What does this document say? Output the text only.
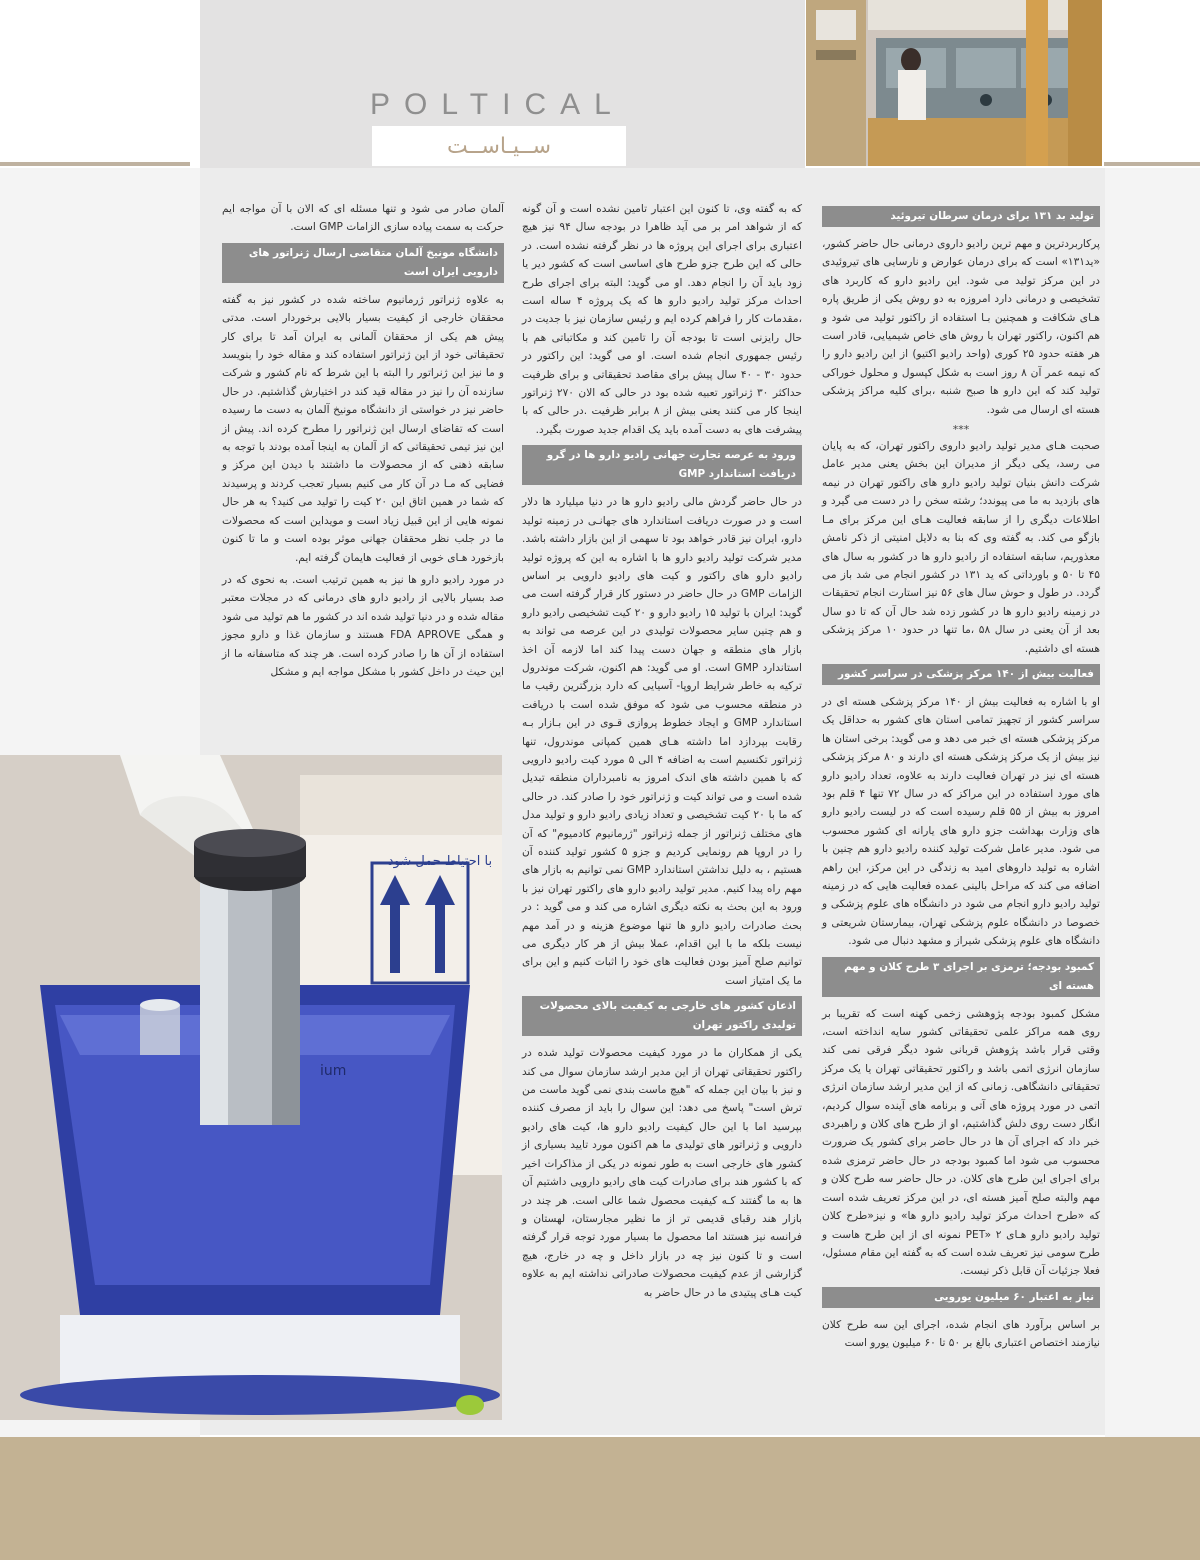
POLTICAL
ســیـاســت
تولید بد ۱۳۱ برای درمان سرطان تیروئید

پرکاربردترین و مهم ترین رادیو داروی درمانی حال حاضر کشور، «ید۱۳۱» است که برای درمان عوارض و نارسایی های تیروئیدی در این مرکز تولید می شود. این رادیو دارو که کاربرد های تشخیصی و درمانی دارد امروزه به دو روش یکی از طریق پاره هـای شکافت و همچنین بـا استفاده از راکتور تولید می شود و هم اکنون، راکتور تهران با روش های خاص شیمیایی، قادر است هر هفته حدود ۲۵ کوری (واحد رادیو اکتیو) از این رادیو دارو را که نیمه عمر آن ۸ روز است به شکل کپسول و محلول خوراکی تولید کند که این دارو ها صبح شنبه ،برای کلیه مراکز پزشکی هسته ای ارسال می شود.

***

صحبت هـای مدیر تولید رادیو داروی راکتور تهران، که به پایان می رسد، یکی دیگر از مدیران این بخش یعنی مدیر عامل شرکت دانش بنیان تولید رادیو دارو های راکتور تهران در نیمه های بازدید به ما می پیوندد؛ رشته سخن را در دست می گیرد و اطلاعات دیگری را از سابقه فعالیت هـای این مرکز برای مـا بازگو می کند. به گفته وی که بنا به دلایل امنیتی از ذکر نامش معذوریم، سابقه استفاده از رادیو دارو ها در کشور به سال های ۴۵ تا ۵۰ و باورداتی که ید ۱۳۱ در کشور انجام می شد باز می گردد. در طول و حوش سال های ۵۶ نیز استارت انجام تحقیقات در زمینه رادیو دارو ها در کشور زده شد حال آن که تا دو سال بعد از آن یعنی در سال ۵۸ ،ما تنها در حدود ۱۰ مرکز پزشکی هسته ای داشتیم.

فعالیت بیش از ۱۴۰ مرکز پزشکی در سراسر کشور

او با اشاره به فعالیت بیش از ۱۴۰ مرکز پزشکی هسته ای در سراسر کشور از تجهیز تمامی استان های کشور به حداقل یک مرکز پزشکی هسته ای خبر می دهد و می گوید: برخی استان ها نیز بیش از یک مرکز پزشکی هسته ای دارند و ۸۰ مرکز پزشکی هسته ای نیز در تهران فعالیت دارند به علاوه، تعداد رادیو دارو های مورد استفاده در این مراکز که در سال ۷۲ تنها ۴ قلم بود امروز به بیش از ۵۵ قلم رسیده است که در لیست رادیو دارو های وزارت بهداشت جزو دارو های یارانه ای کشور محسوب می شود. مدیر عامل شرکت تولید کننده رادیو دارو هم چنین با اشاره به تولید داروهای امید به زندگی در این مرکز، این راهم اضافه می کند که مراحل بالینی عمده فعالیت هایی که در زمینه تولید رادیو دارو انجام می شود در دانشگاه های علوم پزشکی و خصوصا در دانشگاه علوم پزشکی تهران، بیمارستان شریعتی و دانشگاه های علوم پزشکی شیراز و مشهد دنبال می شود.

کمبود بودجه؛ ترمزی بر اجرای ۳ طرح کلان و مهم هسته ای

مشکل کمبود بودجه پژوهشی زخمی کهنه است که تقریبا بر روی همه مراکز علمی تحقیقاتی کشور سایه انداخته است، وقتی قرار باشد پژوهش قربانی شود دیگر فرقی نمی کند سازمان انرژی اتمی باشد و راکتور تحقیقاتی تهران یا یک مرکز تحقیقاتی دانشگاهی. زمانی که از این مدیر ارشد سازمان انرژی اتمی در مورد پروژه های آتی و برنامه های آینده سوال کردیم، انگار دست روی دلش گذاشتیم، او از طرح های کلان و راهبردی خبر داد که اجرای آن ها در حال حاضر برای کشور یک ضرورت محسوب می شود اما کمبود بودجه در حال حاضر ترمزی شده برای اجرای این طرح های کلان. در حال حاضر سه طرح کلان و مهم والبته صلح آمیز هسته ای، در این مرکز تعریف شده است که «طرح احداث مرکز تولید رادیو دارو ها» و نیز«طرح کلان تولید رادیو دارو هـای PET» ۲ نمونه ای از این طرح هاست و طرح سومی نیز تعریف شده است که به گفته این مقام مسئول، فعلا جزئیات آن قابل ذکر نیست.

نیاز به اعتبار ۶۰ میلیون یورویی

بر اساس برآورد های انجام شده، اجرای این سه طرح کلان نیازمند اختصاص اعتباری بالغ بر ۵۰ تا ۶۰ میلیون یورو است

که به گفته وی، تا کنون این اعتبار تامین نشده است و آن گونه که از شواهد امر بر می آید ظاهرا در بودجه سال ۹۴ نیز هیچ اعتباری برای اجرای این پروژه ها در نظر گرفته نشده است. در حالی که این طرح جزو طرح های اساسی است که کشور دیر یا زود باید آن را انجام دهد. او می گوید: البته برای اجرای طرح احداث مرکز تولید رادیو دارو ها که یک پروژه ۴ ساله است ،مقدمات کار را فراهم کرده ایم و رئیس سازمان نیز با جدیت در حال رایزنی است تا بودجه آن را تامین کند و مکاتباتی هم با رئیس جمهوری انجام شده است. او می گوید: این راکتور در حدود ۳۰ - ۴۰ سال پیش برای مقاصد تحقیقاتی و برای ظرفیت حداکثر ۳۰ ژنراتور تعبیه شده بود در حالی که الان ۲۷۰ ژنراتور اینجا کار می کنند یعنی بیش از ۸ برابر ظرفیت .در حالی که با پیشرفت های به دست آمده باید یک اقدام جدید صورت بگیرد.

ورود به عرصه تجارت جهانی رادیو دارو ها در گرو دریافت استاندارد GMP

در حال حاضر گردش مالی رادیو دارو ها در دنیا میلیارد ها دلار است و در صورت دریافت استاندارد های جهانـی در زمینه تولید دارو، ایران نیز قادر خواهد بود تا سهمی از این بازار داشته باشد. مدیر شرکت تولید رادیو دارو ها با اشاره به این که پروژه تولید رادیو دارو های راکتور و کیت های رادیو دارویی بر اساس الزامات GMP در حال حاضر در دستور کار قرار گرفته است می گوید: ایران با تولید ۱۵ رادیو دارو و ۲۰ کیت تشخیصی رادیو دارو و هم چنین سایر محصولات تولیدی در این عرصه می تواند به بازار های منطقه و جهان دست پیدا کند اما لازمه آن اخذ استاندارد GMP است. او می گوید: هم اکنون، شرکت موندرول ترکیه به خاطر شرایط اروپا- آسیایی که دارد بزرگترین رقیب ما در منطقه محسوب می شود که موفق شده است با دریافت استاندارد GMP و ایجاد خطوط پروازی قـوی در این بـازار بـه رقابت بپردازد اما داشته هـای همین کمپانی موندرول، تنها ژنراتور تکنسیم است به اضافه ۴ الی ۵ مورد کیت رادیو دارویی که با همین داشته های اندک امروز به نامبرداران منطقه تبدیل شده است و می تواند کیت و ژنراتور خود را صادر کند. در حالی که ما با ۲۰ کیت تشخیصی و تعداد زیادی رادیو دارو و تولید مدل های مختلف ژنراتور از جمله ژنراتور "ژرمانیوم کادمیوم" که آن را در اروپا هم رونمایی کردیم و جزو ۵ کشور تولید کننده آن هستیم ، به دلیل نداشتن استاندارد GMP نمی توانیم به بازار های مهم راه پیدا کنیم. مدیر تولید رادیو دارو های راکتور تهران نیز با ورود به این بحث به نکته دیگری اشاره می کند و می گوید : در بحث صادرات رادیو دارو ها تنها موضوع هزینه و در آمد مهم نیست بلکه ما با این اقدام، عملا بیش از هر کار دیگری می توانیم صلح آمیز بودن فعالیت های خود را اثبات کنیم و این برای ما یک امتیاز است

اذعان کشور های خارجی به کیفیت بالای محصولات تولیدی راکتور تهران

یکی از همکاران ما در مورد کیفیت محصولات تولید شده در راکتور تحقیقاتی تهران از این مدیر ارشد سازمان سوال می کند و نیز با بیان این جمله که "هیچ ماست بندی نمی گوید ماست من ترش است" پاسخ می دهد: این سوال را باید از مصرف کننده بپرسید اما با این حال کیفیت رادیو دارو ها، کیت های رادیو دارویی و ژنراتور های تولیدی ما هم اکنون مورد تایید بسیاری از کشور های خارجی است به طور نمونه در یکی از مذاکرات اخیر که با کشور هند برای صادرات کیت های رادیو دارویی داشتیم آن ها به ما گفتند کـه کیفیت محصول شما عالی است. هر چند در بازار هند رقبای قدیمی تر از ما نظیر مجارستان، لهستان و فرانسه نیز هستند اما محصول ما بسیار مورد توجه قرار گرفته است و تا کنون نیز چه در بازار داخل و چه در خارج، هیچ گزارشی از عدم کیفیت محصولات صادراتی نداشته ایم به علاوه کیت هـای پیتیدی ما در حال حاضر به

آلمان صادر می شود و تنها مسئله ای که الان با آن مواجه ایم حرکت به سمت پیاده سازی الزامات GMP است.

دانشگاه مونیخ آلمان متقاضی ارسال ژنراتور های دارویی ایران است

به علاوه ژنراتور ژرمانیوم ساخته شده در کشور نیز به گفته محققان خارجی از کیفیت بسیار بالایی برخوردار است. مدتی پیش هم یکی از محققان آلمانی به ایران آمد تا برای کار تحقیقاتی خود از این ژنراتور استفاده کند و مقاله خود را بنویسد و ما نیز این ژنراتور را البته با این شرط که نام کشور و شرکت سازنده آن را نیز در مقاله قید کند در اختیارش گذاشتیم. در حال حاضر نیز در خواستی از دانشگاه مونیخ آلمان به دست ما رسیده است که تقاضای ارسال این ژنراتور را مطرح کرده اند. پیش از این نیز تیمی تحقیقاتی که از آلمان به اینجا آمده بودند با توجه به سابقه ذهنی که از محصولات ما داشتند با دیدن این مرکز و فضایی که مـا در آن کار می کنیم بسیار تعجب کردند و پرسیدند که شما در همین اتاق این ۲۰ کیت را تولید می کنید؟ به هر حال نمونه هایی از این قبیل زیاد است و مویداین است که محصولات ما در جلب نظر محققان جهانی موثر بوده است و ما تا کنون بازخورد هـای خوبی از فعالیت هایمان گرفته ایم.

در مورد رادیو دارو ها نیز به همین ترتیب است. به نحوی که در صد بسیار بالایی از رادیو دارو های درمانی که در مجلات معتبر مقاله شده و در دنیا تولید شده اند در کشور ما هم تولید می شود و همگی FDA APROVE هستند و سازمان غذا و دارو مجوز استفاده از آن ها را صادر کرده است. هر چند که متاسفانه ما از این حیث در داخل کشور با مشکل مواجه ایم و مشکل

با احتیاط حمل شود
ium
